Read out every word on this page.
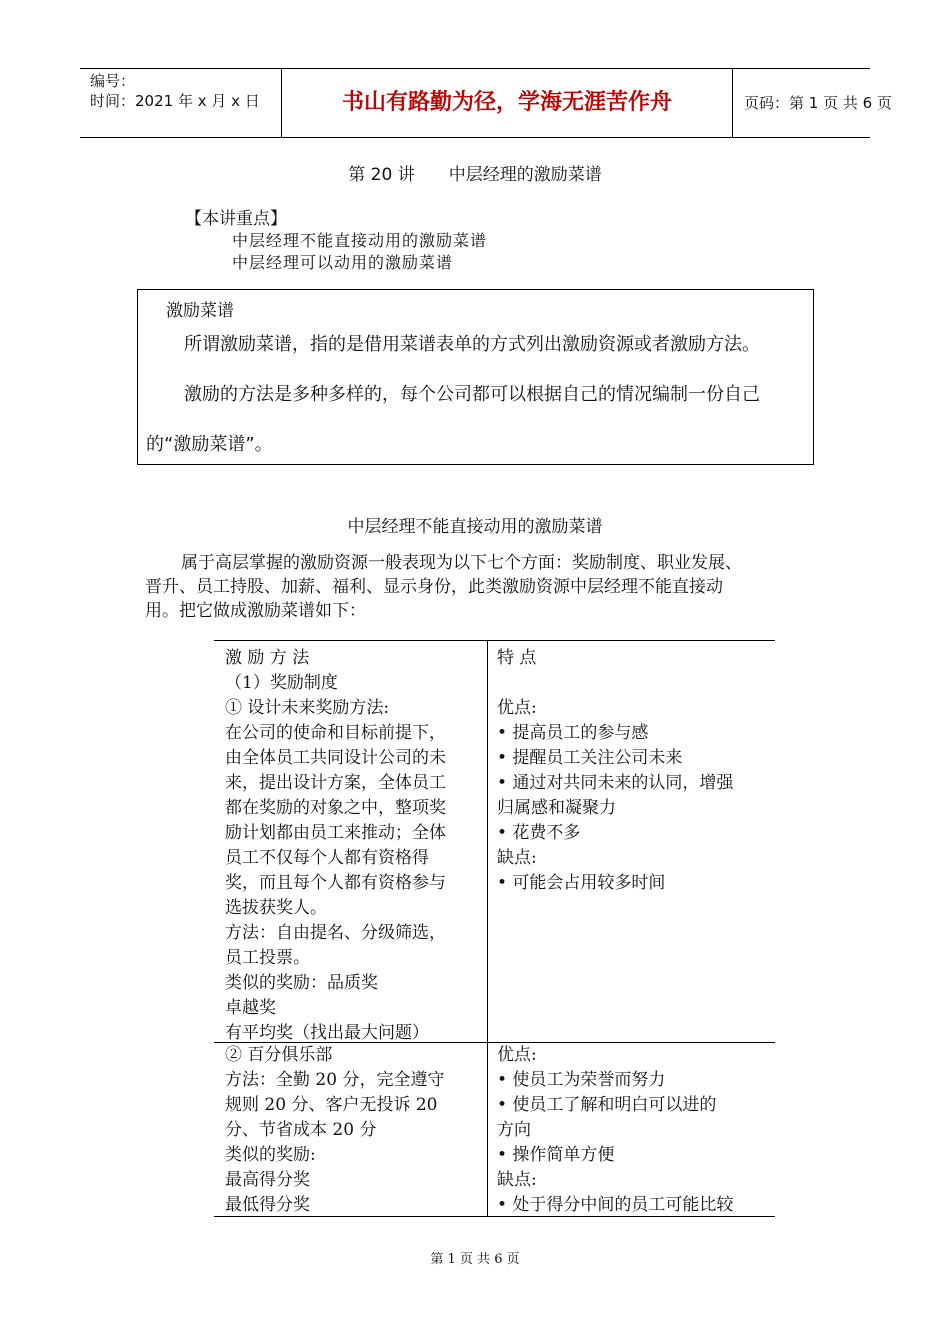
编号：
时间：2021 年 x 月 x 日	书山有路勤为径，学海无涯苦作舟	页码：第 1 页 共 6 页
第 20 讲 中层经理的激励菜谱
【本讲重点】
中层经理不能直接动用的激励菜谱
中层经理可以动用的激励菜谱
激励菜谱
所谓激励菜谱，指的是借用菜谱表单的方式列出激励资源或者激励方法。
激励的方法是多种多样的，每个公司都可以根据自己的情况编制一份自己
的“激励菜谱”。
中层经理不能直接动用的激励菜谱
属于高层掌握的激励资源一般表现为以下七个方面：奖励制度、职业发展、
晋升、员工持股、加薪、福利、显示身份，此类激励资源中层经理不能直接动
用。把它做成激励菜谱如下：
激 励 方 法
（1）奖励制度
① 设计未来奖励方法:
在公司的使命和目标前提下，
由全体员工共同设计公司的未
来，提出设计方案，全体员工
都在奖励的对象之中，整项奖
励计划都由员工来推动；全体
员工不仅每个人都有资格得
奖，而且每个人都有资格参与
选拔获奖人。
方法：自由提名、分级筛选，
员工投票。
类似的奖励：品质奖
卓越奖
有平均奖（找出最大问题）
特 点
优点:
• 提高员工的参与感
• 提醒员工关注公司未来
• 通过对共同未来的认同，增强
归属感和凝聚力
• 花费不多
缺点:
• 可能会占用较多时间
② 百分俱乐部
方法：全勤 20 分，完全遵守
规则 20 分、客户无投诉 20
分、节省成本 20 分
类似的奖励:
最高得分奖
最低得分奖
优点:
• 使员工为荣誉而努力
• 使员工了解和明白可以进的
方向
• 操作简单方便
缺点:
• 处于得分中间的员工可能比较
第 1 页 共 6 页
